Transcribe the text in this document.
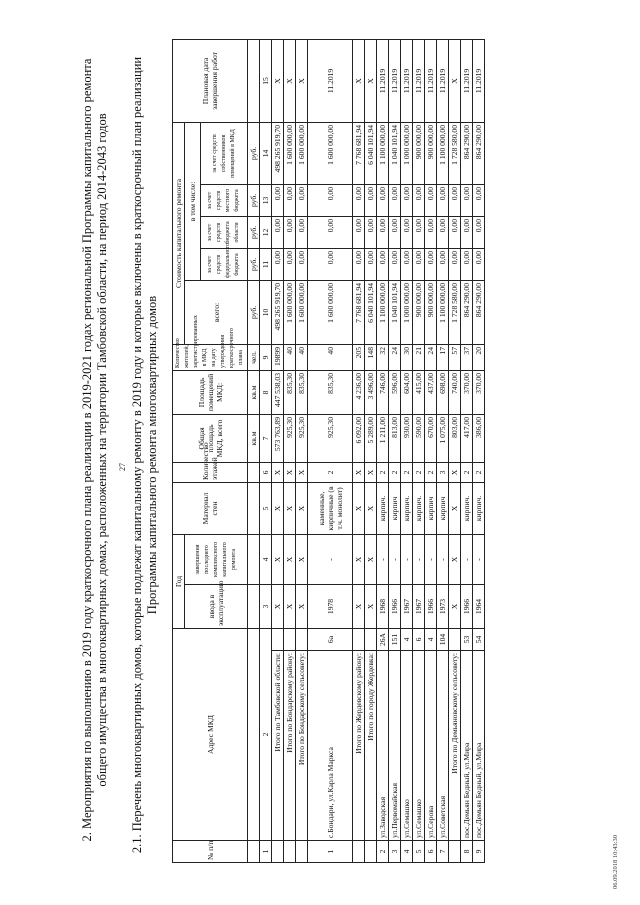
27
2. Мероприятия по выполнению в 2019 году краткосрочного плана реализации в 2019-2021 годах региональной Программы капитального ремонта общего имущества в многоквартирных домах, расположенных на территории Тамбовской области, на период 2014-2043 годов 2.1. Перечень многоквартирных домов, которые подлежат капитальному ремонту в 2019 году и которые включены в краткосрочный план реализации Программы капитального ремонта многоквартирных домов
№ п/п	Адрес МКД		Год		Материал стен	Количество этажей	Общая площадь МКД, всего	Площадь помещений МКД:	Количество жителей, зарегистрированных в МКД на дату утверждения краткосрочного плана	Стоимость капитального ремонта					Плановая дата завершения работ
			ввода в эксплуатацию	завершения последнего комплексного капитального ремонта						всего:	в том числе:				
											за счет средств федерального бюджета	за счет средств бюджета области	за счет средств местного бюджета	за счет средств собственников помещений в МКД	
							кв.м	кв.м	чел.	руб.	руб.	руб.	руб.	руб.	
1	2		3	4	5	6	7	8	9	10	11	12	13	14	15
	Итого по Тамбовской области:		X	X	X	X	573 763,89	447 538,03	19899	498 265 919,70	0,00	0,00	0,00	498 265 919,70	X
	Итого по Бондарскому району:		X	X	X	X	925,30	835,30	40	1 600 000,00	0,00	0,00	0,00	1 600 000,00	X
	Итого по Бондарскому сельсовету:		X	X	X	X	925,30	835,30	40	1 600 000,00	0,00	0,00	0,00	1 600 000,00	X
1	с.Бондари, ул.Карла Маркса	6а	1978	-	каменные, кирпичные (в т.ч. монолит)	2	925,30	835,30	40	1 600 000,00	0,00	0,00	0,00	1 600 000,00	11.2019
	Итого по Жердевскому району:		X	X	X	X	6 092,00	4 236,00	205	7 768 681,94	0,00	0,00	0,00	7 768 681,94	X
	Итого по городу Жердевка:		X	X	X	X	5 289,00	3 496,00	148	6 040 101,94	0,00	0,00	0,00	6 040 101,94	X
2	ул.Заводская	26А	1968	-	кирпич.	2	1 211,00	746,00	32	1 100 000,00	0,00	0,00	0,00	1 100 000,00	11.2019
3	ул.Первомайская	151	1966	-	кирпич	2	813,00	596,00	24	1 040 101,94	0,00	0,00	0,00	1 040 101,94	11.2019
4	ул.Семашко	4	1967	-	кирпич.	2	930,00	604,00	30	1 000 000,00	0,00	0,00	0,00	1 000 000,00	11.2019
5	ул.Семашко	6	1967	-	кирпич.	2	590,00	415,00	21	900 000,00	0,00	0,00	0,00	900 000,00	11.2019
6	ул.Серова	4	1966	-	кирпич	2	670,00	437,00	24	900 000,00	0,00	0,00	0,00	900 000,00	11.2019
7	ул.Советская	104	1973	-	кирпич	3	1 075,00	698,00	17	1 100 000,00	0,00	0,00	0,00	1 100 000,00	11.2019
	Итого по Демьяновскому сельсовету:		X	X	X	X	803,00	740,00	57	1 728 580,00	0,00	0,00	0,00	1 728 580,00	X
8	пос.Демьян Бедный, ул.Мира	53	1966	-	кирпич.	2	417,00	370,00	37	864 290,00	0,00	0,00	0,00	864 290,00	11.2019
9	пос.Демьян Бедный, ул.Мира	54	1964	-	кирпич.	2	386,00	370,00	20	864 290,00	0,00	0,00	0,00	864 290,00	11.2019
06.09.2018 10:43:30
